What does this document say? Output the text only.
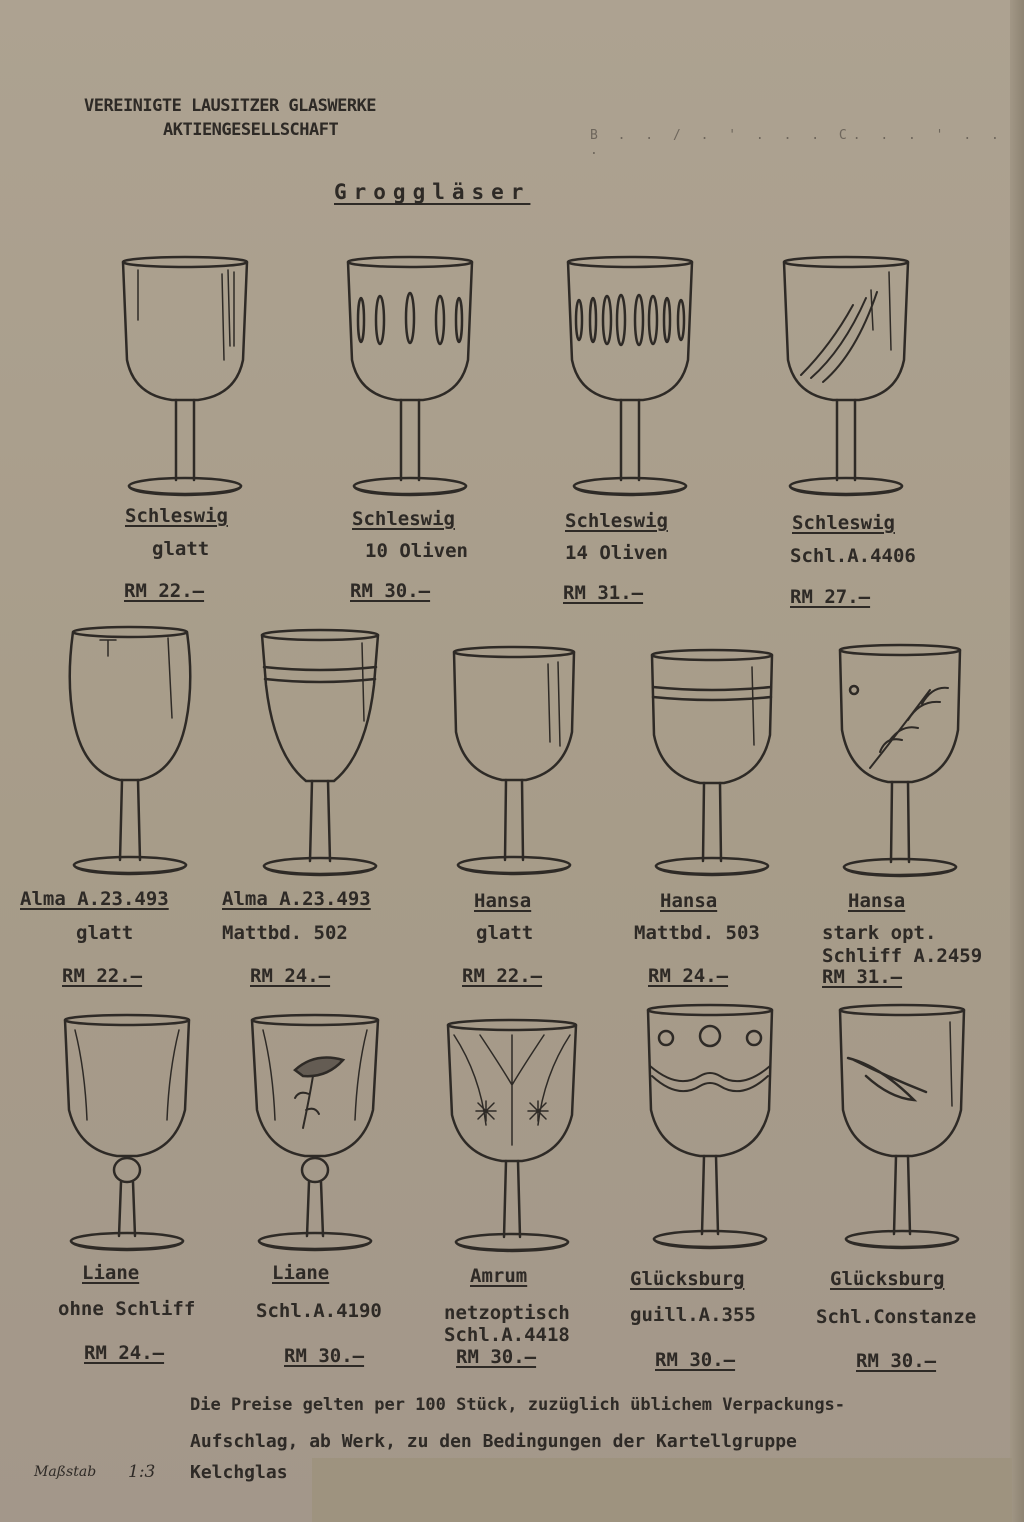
VEREINIGTE LAUSITZER GLASWERKE
AKTIENGESELLSCHAFT	B . . / . ' . . . C. . . ' . . .
Groggläser
Schleswig
glatt
RM 22.—
Schleswig
10 Oliven
RM 30.—
Schleswig
14 Oliven
RM 31.—
Schleswig
Schl.A.4406
RM 27.—
Alma A.23.493
glatt
RM 22.—
Alma A.23.493
Mattbd. 502
RM 24.—
Hansa
glatt
RM 22.—
Hansa
Mattbd. 503
RM 24.—
Hansa
stark opt.
Schliff A.2459
RM 31.—
Liane
ohne Schliff
RM 24.—
Liane
Schl.A.4190
RM 30.—
Amrum
netzoptisch
Schl.A.4418
RM 30.—
Glücksburg
guill.A.355
RM 30.—
Glücksburg
Schl.Constanze
RM 30.—
Die Preise gelten per 100 Stück, zuzüglich üblichem Verpackungs-
Aufschlag, ab Werk, zu den Bedingungen der Kartellgruppe
Kelchglas
Maßstab 1:3
